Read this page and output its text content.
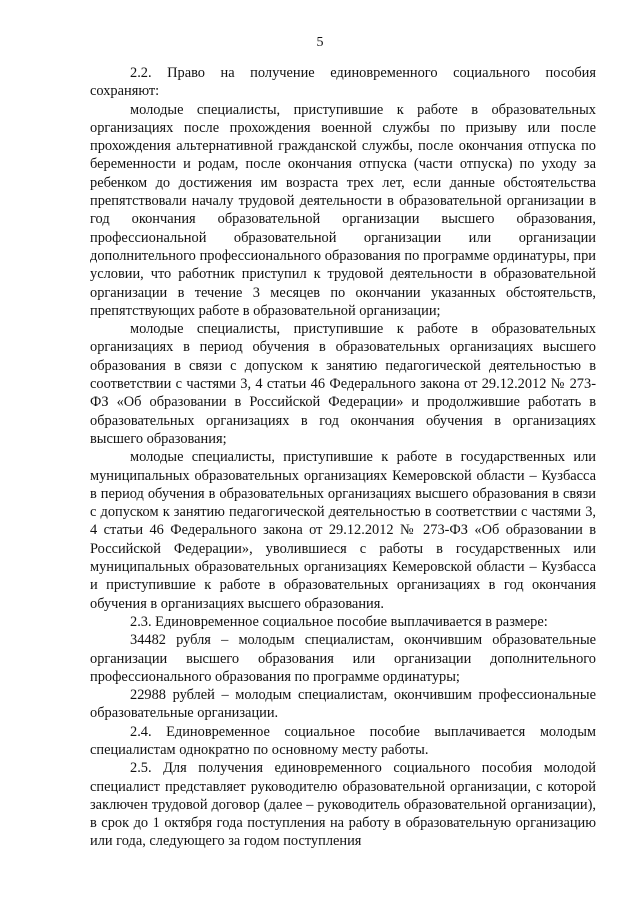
5

2.2. Право на получение единовременного социального пособия сохраняют:

молодые специалисты, приступившие к работе в образовательных организациях после прохождения военной службы по призыву или после прохождения альтернативной гражданской службы, после окончания отпуска по беременности и родам, после окончания отпуска (части отпуска) по уходу за ребенком до достижения им возраста трех лет, если данные обстоятельства препятствовали началу трудовой деятельности в образовательной организации в год окончания образовательной организации высшего образования, профессиональной образовательной организации или организации дополнительного профессионального образования по программе ординатуры, при условии, что работник приступил к трудовой деятельности в образовательной организации в течение 3 месяцев по окончании указанных обстоятельств, препятствующих работе в образовательной организации;

молодые специалисты, приступившие к работе в образовательных организациях в период обучения в образовательных организациях высшего образования в связи с допуском к занятию педагогической деятельностью в соответствии с частями 3, 4 статьи 46 Федерального закона от 29.12.2012 № 273-ФЗ «Об образовании в Российской Федерации» и продолжившие работать в образовательных организациях в год окончания обучения в организациях высшего образования;

молодые специалисты, приступившие к работе в государственных или муниципальных образовательных организациях Кемеровской области – Кузбасса в период обучения в образовательных организациях высшего образования в связи с допуском к занятию педагогической деятельностью в соответствии с частями 3, 4 статьи 46 Федерального закона от 29.12.2012 № 273-ФЗ «Об образовании в Российской Федерации», уволившиеся с работы в государственных или муниципальных образовательных организациях Кемеровской области – Кузбасса и приступившие к работе в образовательных организациях в год окончания обучения в организациях высшего образования.

2.3. Единовременное социальное пособие выплачивается в размере:

34482 рубля – молодым специалистам, окончившим образовательные организации высшего образования или организации дополнительного профессионального образования по программе ординатуры;

22988 рублей – молодым специалистам, окончившим профессиональные образовательные организации.

2.4. Единовременное социальное пособие выплачивается молодым специалистам однократно по основному месту работы.

2.5. Для получения единовременного социального пособия молодой специалист представляет руководителю образовательной организации, с которой заключен трудовой договор (далее – руководитель образовательной организации), в срок до 1 октября года поступления на работу в образовательную организацию или года, следующего за годом поступления
